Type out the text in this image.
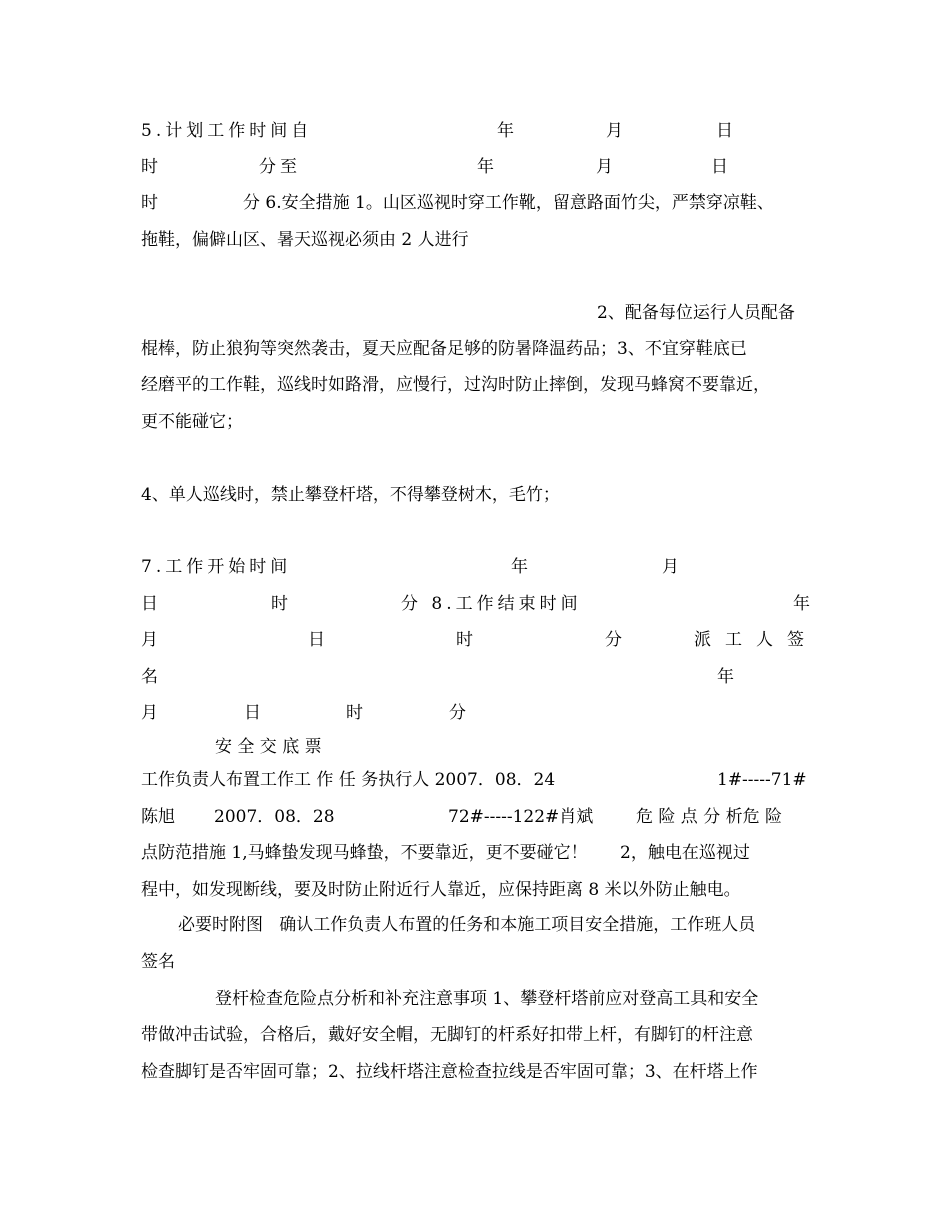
5.计划工作时间自	年	月	日
时	分至	年	月	日
时	分 6.安全措施 1。山区巡视时穿工作靴，留意路面竹尖，严禁穿凉鞋、
拖鞋，偏僻山区、暑天巡视必须由 2 人进行
2、配备每位运行人员配备
棍棒，防止狼狗等突然袭击，夏天应配备足够的防暑降温药品；3、不宜穿鞋底已
经磨平的工作鞋，巡线时如路滑，应慢行，过沟时防止摔倒，发现马蜂窝不要靠近，
更不能碰它；
4、单人巡线时，禁止攀登杆塔，不得攀登树木，毛竹；
7.工作开始时间	年	月
日	时	分 8.工作结束时间	年
月	日	时	分	派工人签
名	年
月	日	时	分
安 全 交 底 票
工作负责人布置工作工 作 任 务执行人 2007．08．24	1#-----71#
陈旭 2007．08．28	72#-----122#肖斌	危 险 点 分 析危 险
点防范措施 1,马蜂蛰发现马蜂蛰，不要靠近，更不要碰它！      2，触电在巡视过
程中，如发现断线，要及时防止附近行人靠近，应保持距离 8 米以外防止触电。
必要时附图   确认工作负责人布置的任务和本施工项目安全措施，工作班人员
签名
登杆检查危险点分析和补充注意事项 1、攀登杆塔前应对登高工具和安全
带做冲击试验，合格后，戴好安全帽，无脚钉的杆系好扣带上杆，有脚钉的杆注意
检查脚钉是否牢固可靠；2、拉线杆塔注意检查拉线是否牢固可靠；3、在杆塔上作
